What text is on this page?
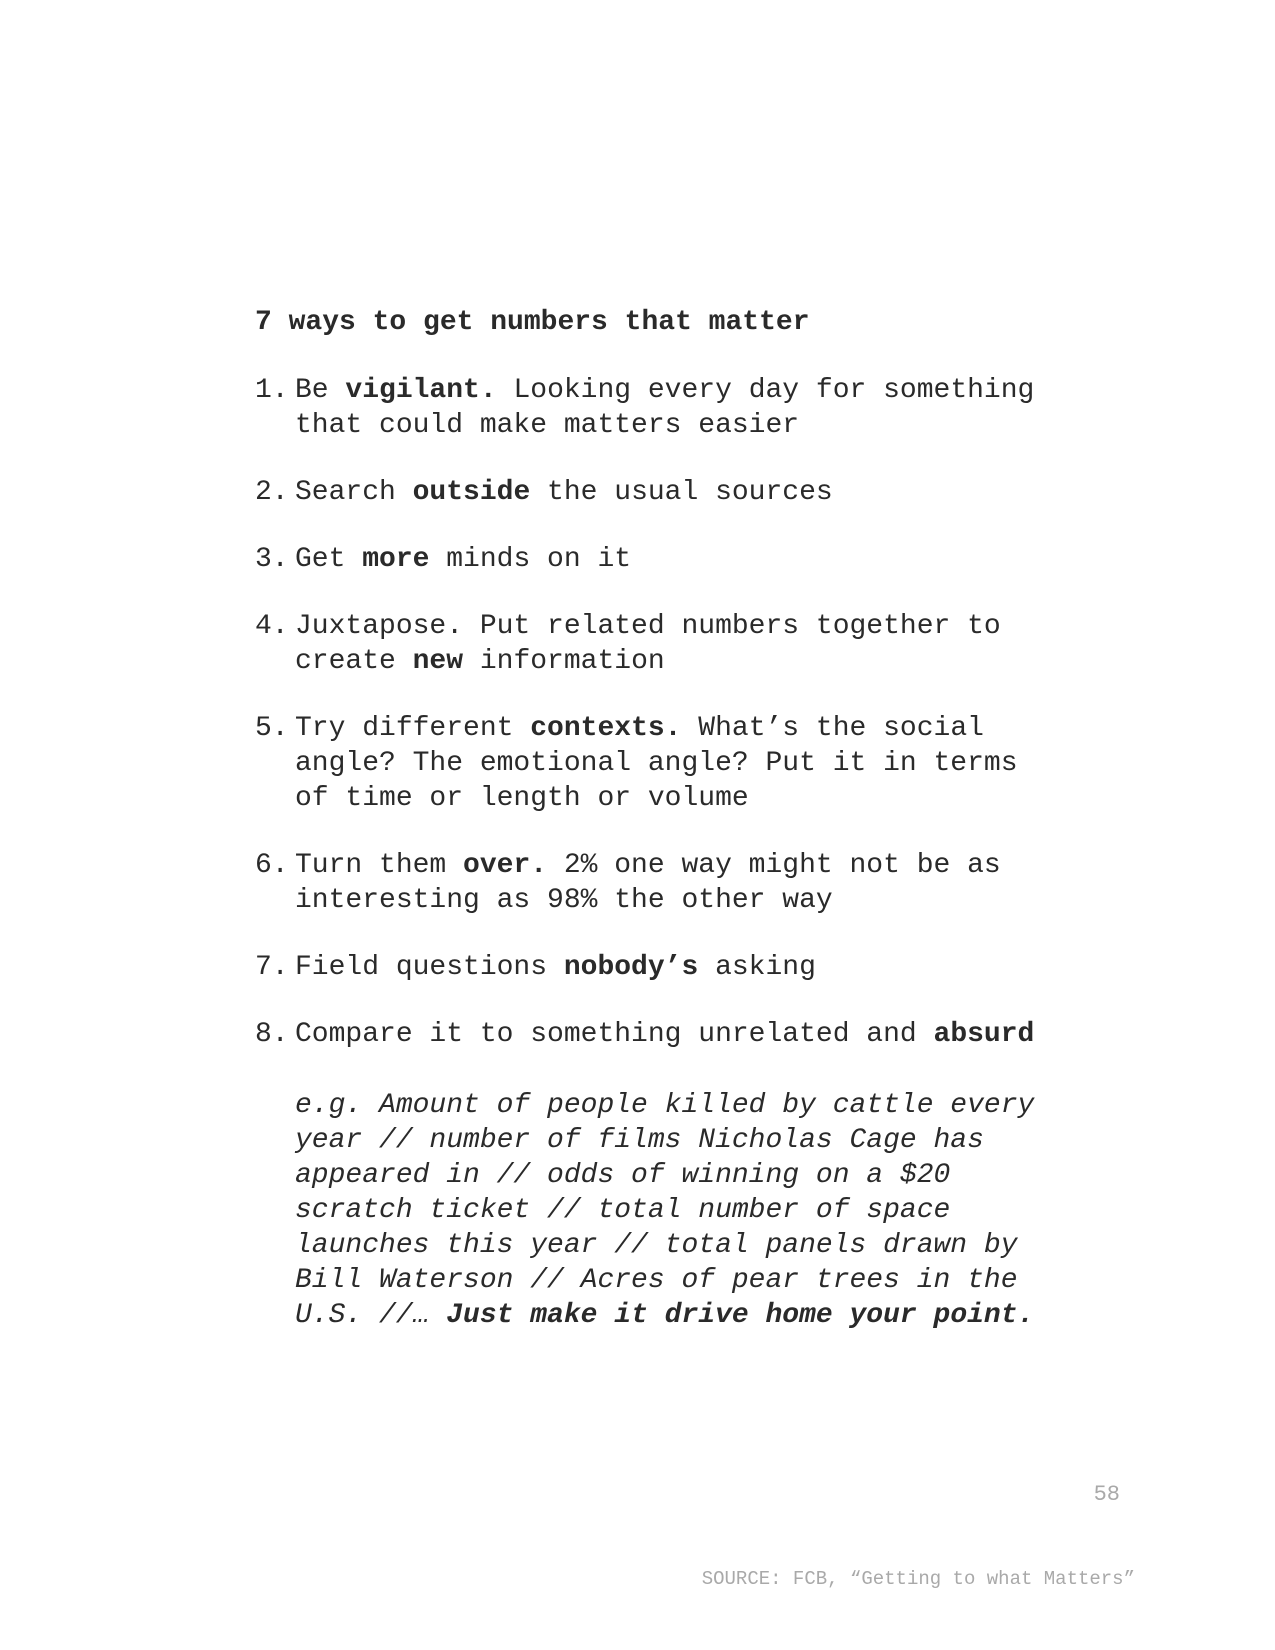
7 ways to get numbers that matter
1. Be vigilant. Looking every day for something
that could make matters easier
2. Search outside the usual sources
3. Get more minds on it
4. Juxtapose. Put related numbers together to
create new information
5. Try different contexts. What’s the social
angle? The emotional angle? Put it in terms
of time or length or volume
6. Turn them over. 2% one way might not be as
interesting as 98% the other way
7. Field questions nobody’s asking
8. Compare it to something unrelated and absurd
e.g. Amount of people killed by cattle every
year // number of films Nicholas Cage has
appeared in // odds of winning on a $20
scratch ticket // total number of space
launches this year // total panels drawn by
Bill Waterson // Acres of pear trees in the
U.S. //… Just make it drive home your point.
58
SOURCE: FCB, “Getting to what Matters”
